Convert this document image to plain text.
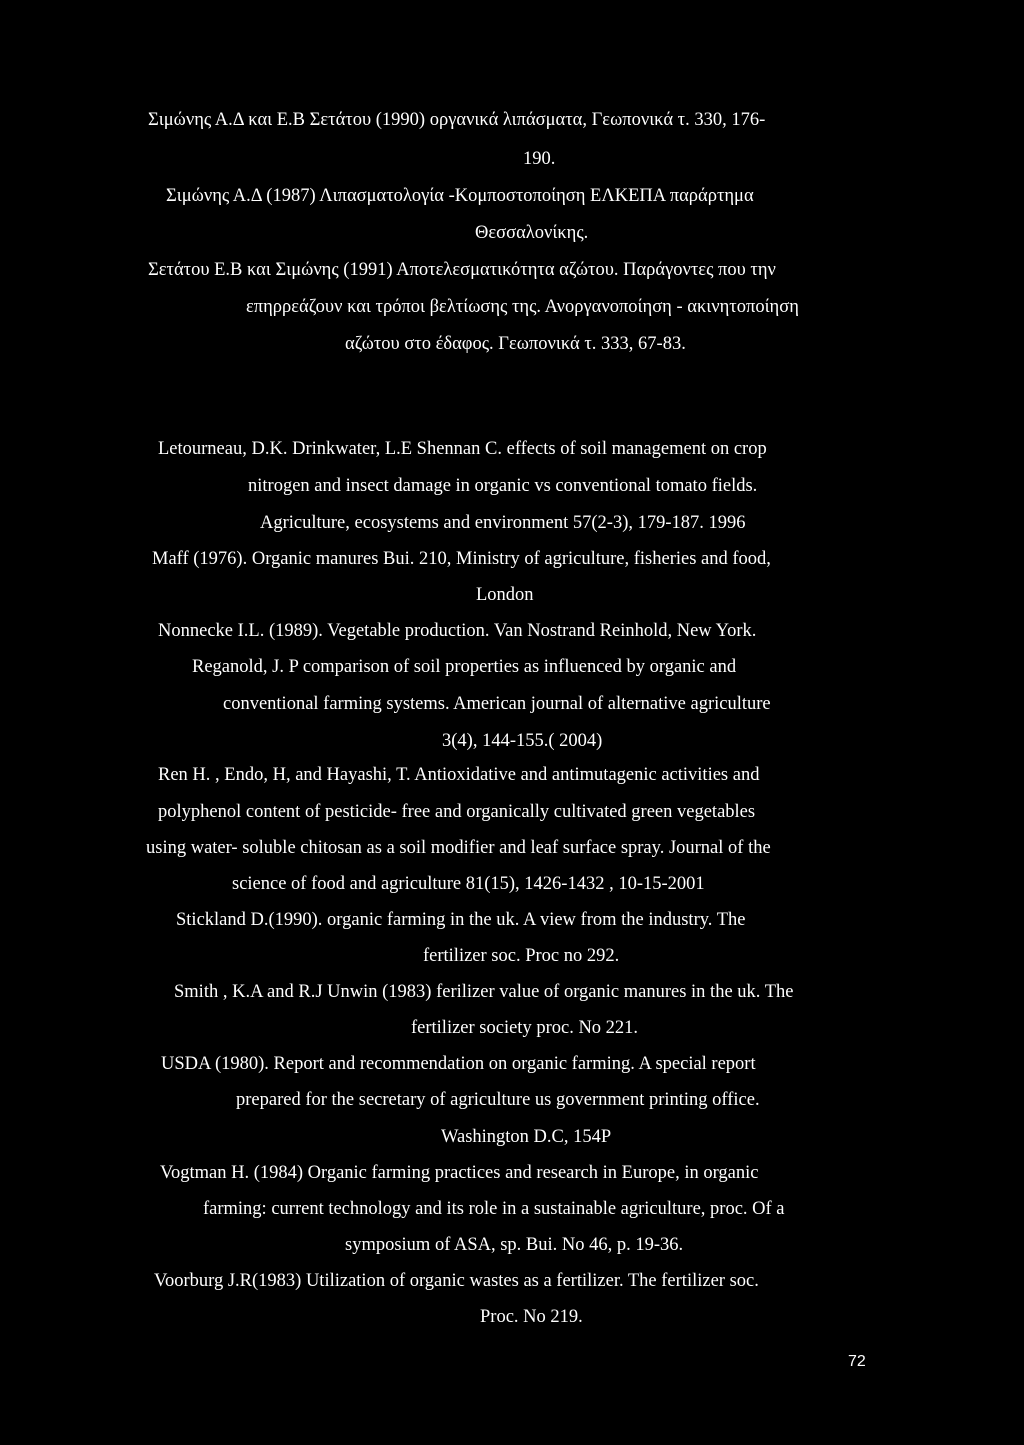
Σιμώνης Α.Δ και Ε.Β Σετάτου (1990) οργανικά λιπάσματα, Γεωπονικά τ. 330, 176-
190.
Σιμώνης Α.Δ (1987) Λιπασματολογία -Κομποστοποίηση ΕΛΚΕΠΑ παράρτημα
Θεσσαλονίκης.
Σετάτου Ε.Β και Σιμώνης (1991) Αποτελεσματικότητα αζώτου. Παράγοντες που την
επηρρεάζουν και τρόποι βελτίωσης της. Ανοργανοποίηση - ακινητοποίηση
αζώτου στο έδαφος. Γεωπονικά τ. 333, 67-83.
Letourneau, D.K. Drinkwater, L.E Shennan C. effects of soil management on crop
nitrogen and insect damage in organic vs conventional tomato fields.
Agriculture, ecosystems and environment 57(2-3), 179-187. 1996
Maff (1976). Organic manures Bui. 210, Ministry of agriculture, fisheries and food,
London
Nonnecke I.L. (1989). Vegetable production. Van Nostrand Reinhold, New York.
Reganold, J. P comparison of soil properties as influenced by organic and
conventional farming systems. American journal of alternative agriculture
3(4), 144-155.( 2004)
Ren H. , Endo, H, and Hayashi, T. Antioxidative and antimutagenic activities and
polyphenol content of pesticide- free and organically cultivated green vegetables
using water- soluble chitosan as a soil modifier and leaf surface spray. Journal of the
science of food and agriculture 81(15), 1426-1432 , 10-15-2001
Stickland D.(1990). organic farming in the uk. A view from the industry. The
fertilizer soc. Proc no 292.
Smith , K.A and R.J Unwin (1983) ferilizer value of organic manures in the uk. The
fertilizer society proc. No 221.
USDA (1980). Report and recommendation on organic farming. A special report
prepared for the secretary of agriculture us government printing office.
Washington D.C, 154P
Vogtman H. (1984) Organic farming practices and research in Europe, in organic
farming: current technology and its role in a sustainable agriculture, proc. Of a
symposium of ASA, sp. Bui. No 46, p. 19-36.
Voorburg J.R(1983) Utilization of organic wastes as a fertilizer. The fertilizer soc.
Proc. No 219.
72
